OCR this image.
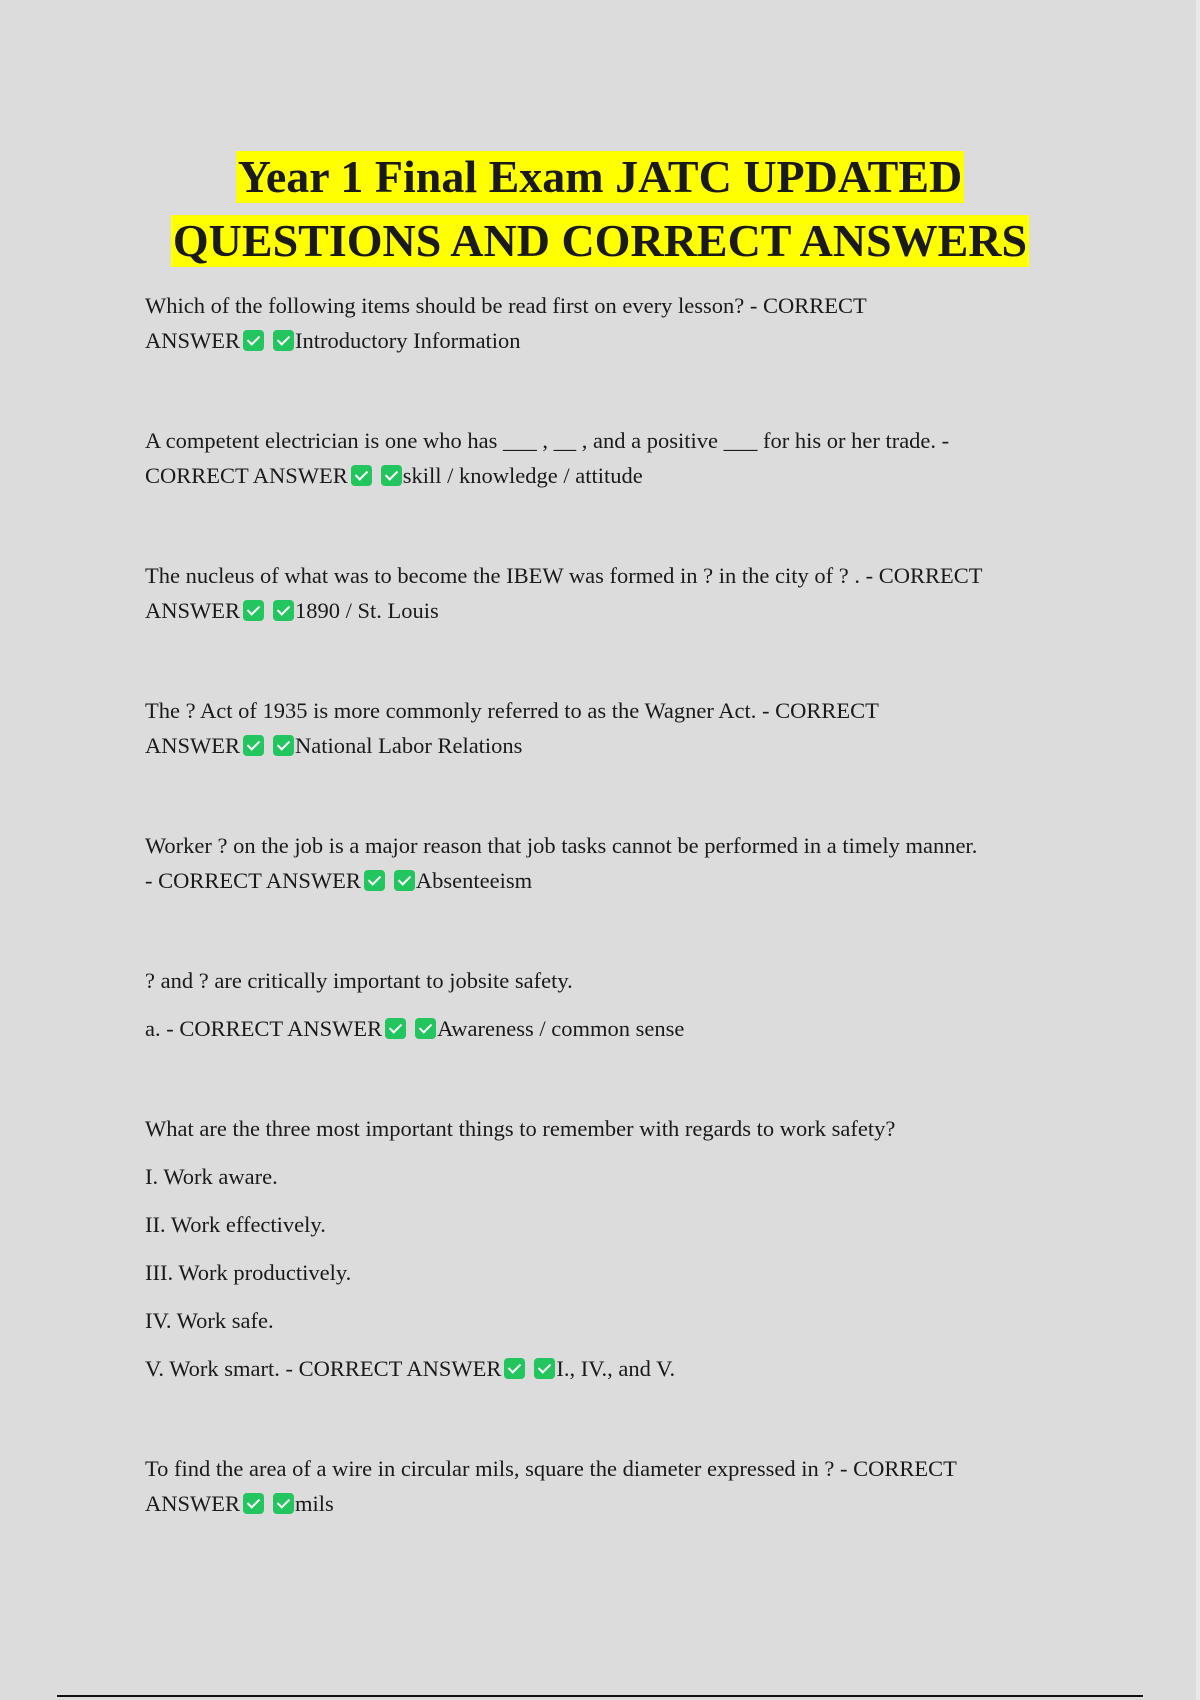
Year 1 Final Exam JATC UPDATED
QUESTIONS AND CORRECT ANSWERS

Which of the following items should be read first on every lesson? - CORRECT

ANSWER Introductory Information

A competent electrician is one who has ___ , __ , and a positive ___ for his or her trade. -

CORRECT ANSWER skill / knowledge / attitude

The nucleus of what was to become the IBEW was formed in ? in the city of ? . - CORRECT

ANSWER 1890 / St. Louis

The ? Act of 1935 is more commonly referred to as the Wagner Act. - CORRECT

ANSWER National Labor Relations

Worker ? on the job is a major reason that job tasks cannot be performed in a timely manner.

- CORRECT ANSWER Absenteeism

? and ? are critically important to jobsite safety.

a. - CORRECT ANSWER Awareness / common sense

What are the three most important things to remember with regards to work safety?

I. Work aware.

II. Work effectively.

III. Work productively.

IV. Work safe.

V. Work smart. - CORRECT ANSWER I., IV., and V.

To find the area of a wire in circular mils, square the diameter expressed in ? - CORRECT

ANSWER mils
